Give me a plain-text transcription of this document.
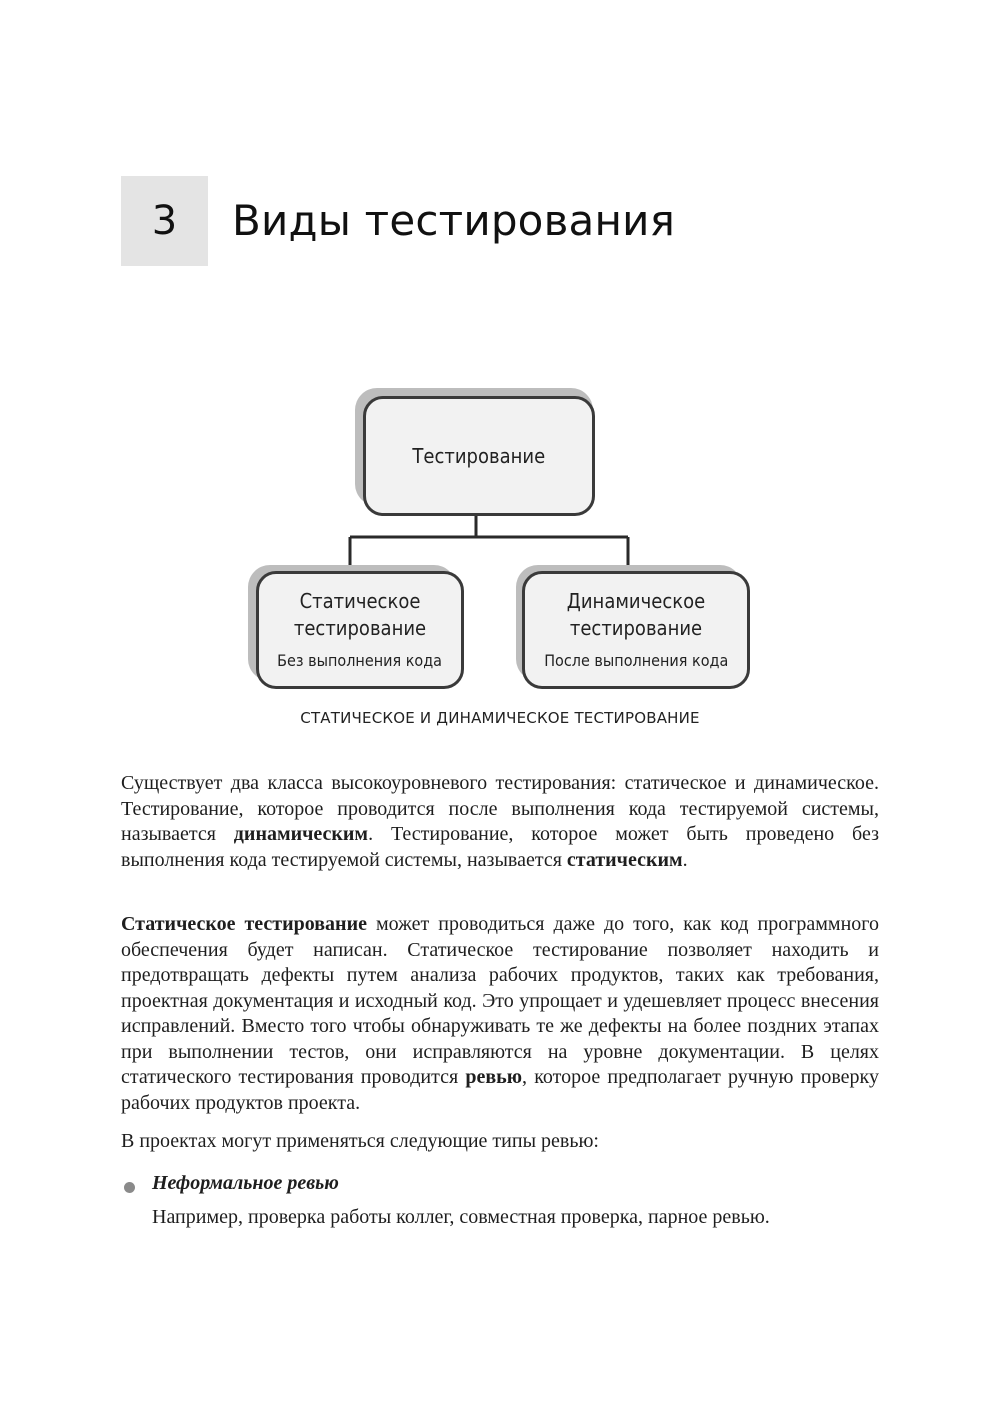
3 Виды тестирования
Тестирование
Статическое тестирование
Без выполнения кода
Динамическое тестирование
После выполнения кода
СТАТИЧЕСКОЕ И ДИНАМИЧЕСКОЕ ТЕСТИРОВАНИЕ
Существует два класса высокоуровневого тестирования: статическое и динамическое. Тестирование, которое проводится после выполнения кода тестируемой системы, называется динамическим. Тестирование, которое может быть проведено без выполнения кода тестируемой системы, называется статическим.
Статическое тестирование может проводиться даже до того, как код программного обеспечения будет написан. Статическое тестирование позволяет находить и предотвращать дефекты путем анализа рабочих продуктов, таких как требования, проектная документация и исходный код. Это упрощает и удешевляет процесс внесения исправлений. Вместо того чтобы обнаруживать те же дефекты на более поздних этапах при выполнении тестов, они исправляются на уровне документации. В целях статического тестирования проводится ревью, которое предполагает ручную проверку рабочих продуктов проекта.
В проектах могут применяться следующие типы ревью:
Неформальное ревью
Например, проверка работы коллег, совместная проверка, парное ревью.
